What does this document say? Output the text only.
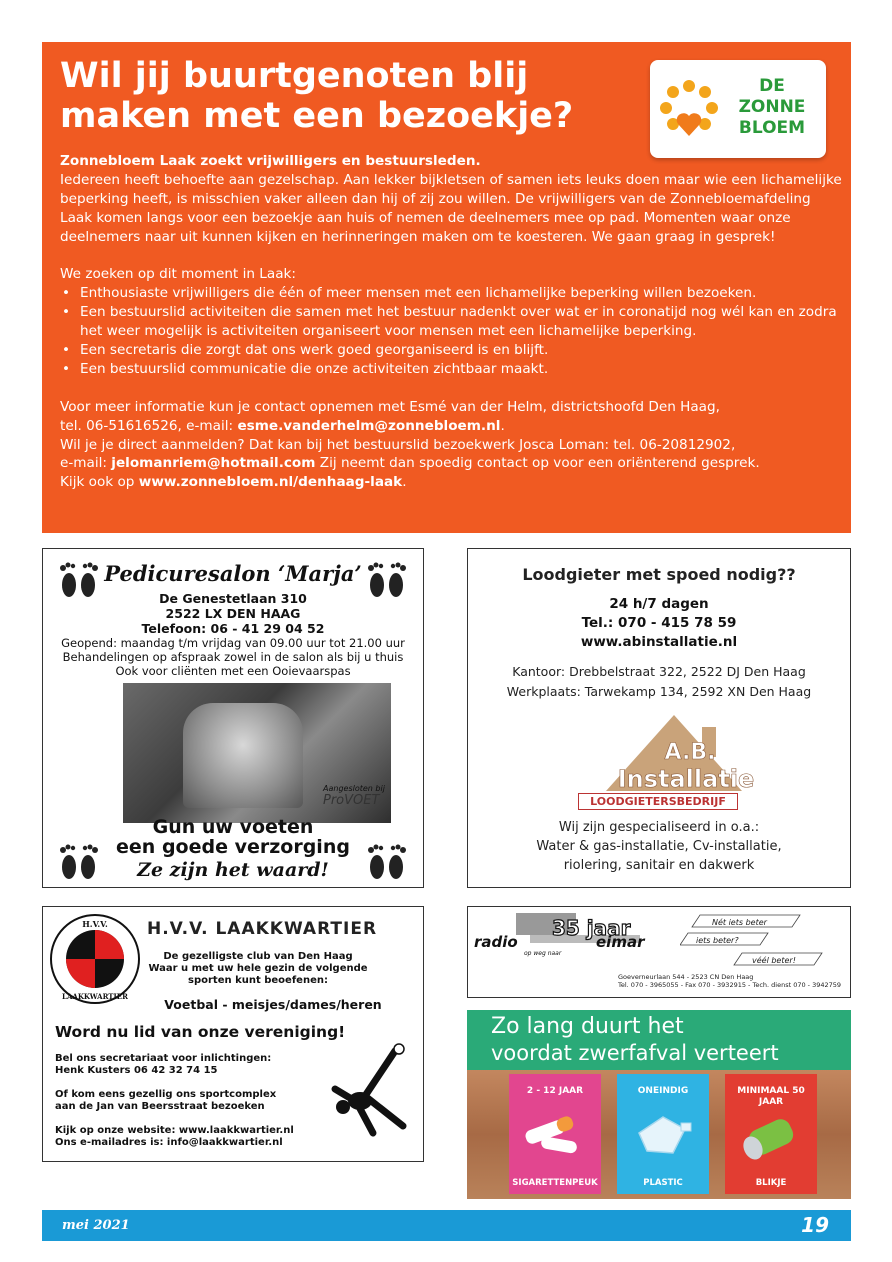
Wil jij buurtgenoten blij
maken met een bezoekje?
DE
ZONNE
BLOEM

Zonnebloem Laak zoekt vrijwilligers en bestuursleden.

Iedereen heeft behoefte aan gezelschap. Aan lekker bijkletsen of samen iets leuks doen maar wie een lichamelijke beperking heeft, is misschien vaker alleen dan hij of zij zou willen. De vrijwilligers van de Zonnebloemafdeling Laak komen langs voor een bezoekje aan huis of nemen de deelnemers mee op pad. Momenten waar onze deelnemers naar uit kunnen kijken en herinneringen maken om te koesteren. We gaan graag in gesprek!

We zoeken op dit moment in Laak:

• Enthousiaste vrijwilligers die één of meer mensen met een lichamelijke beperking willen bezoeken.
• Een bestuurslid activiteiten die samen met het bestuur nadenkt over wat er in coronatijd nog wél kan en zodra het weer mogelijk is activiteiten organiseert voor mensen met een lichamelijke beperking.
• Een secretaris die zorgt dat ons werk goed georganiseerd is en blijft.
• Een bestuurslid communicatie die onze activiteiten zichtbaar maakt.

Voor meer informatie kun je contact opnemen met Esmé van der Helm, districtshoofd Den Haag,

tel. 06-51616526, e-mail: esme.vanderhelm@zonnebloem.nl.

Wil je je direct aanmelden? Dat kan bij het bestuurslid bezoekwerk Josca Loman: tel. 06-20812902,

e-mail: jelomanriem@hotmail.com Zij neemt dan spoedig contact op voor een oriënterend gesprek.

Kijk ook op www.zonnebloem.nl/denhaag-laak.

Pedicuresalon ‘Marja’
De Genestetlaan 310
2522 LX DEN HAAG
Telefoon: 06 - 41 29 04 52
Geopend: maandag t/m vrijdag van 09.00 uur tot 21.00 uur
Behandelingen op afspraak zowel in de salon als bij u thuis
Ook voor cliënten met een Ooievaarspas
Aangesloten bij
ProVOET
Gun uw voeten
een goede verzorging
Ze zijn het waard!
Loodgieter met spoed nodig??
24 h/7 dagen
Tel.: 070 - 415 78 59
www.abinstallatie.nl
Kantoor: Drebbelstraat 322, 2522 DJ Den Haag
Werkplaats: Tarwekamp 134, 2592 XN Den Haag
A.B.
Installatie
LOODGIETERSBEDRIJF
Wij zijn gespecialiseerd in o.a.:
Water & gas-installatie, Cv-installatie,
riolering, sanitair en dakwerk
H.V.V.
LAAKKWARTIER
H.V.V. LAAKKWARTIER
De gezelligste club van Den Haag
Waar u met uw hele gezin de volgende
sporten kunt beoefenen:
Voetbal - meisjes/dames/heren
Word nu lid van onze vereniging!
Bel ons secretariaat voor inlichtingen:
Henk Kusters 06 42 32 74 15
Of kom eens gezellig ons sportcomplex
aan de Jan van Beersstraat bezoeken
Kijk op onze website: www.laakkwartier.nl
Ons e-mailadres is: info@laakkwartier.nl
radio
35 jaar
op weg naar
eimar
Nét iets beter
iets beter?
véél beter!
Goeverneurlaan 544 - 2523 CN Den Haag
Tel. 070 - 3965055 - Fax 070 - 3932915 - Tech. dienst 070 - 3942759
Zo lang duurt het
voordat zwerfafval verteert
2 - 12 JAAR
SIGARETTENPEUK
ONEINDIG
PLASTIC
MINIMAAL 50 JAAR
BLIKJE
mei 2021	19
